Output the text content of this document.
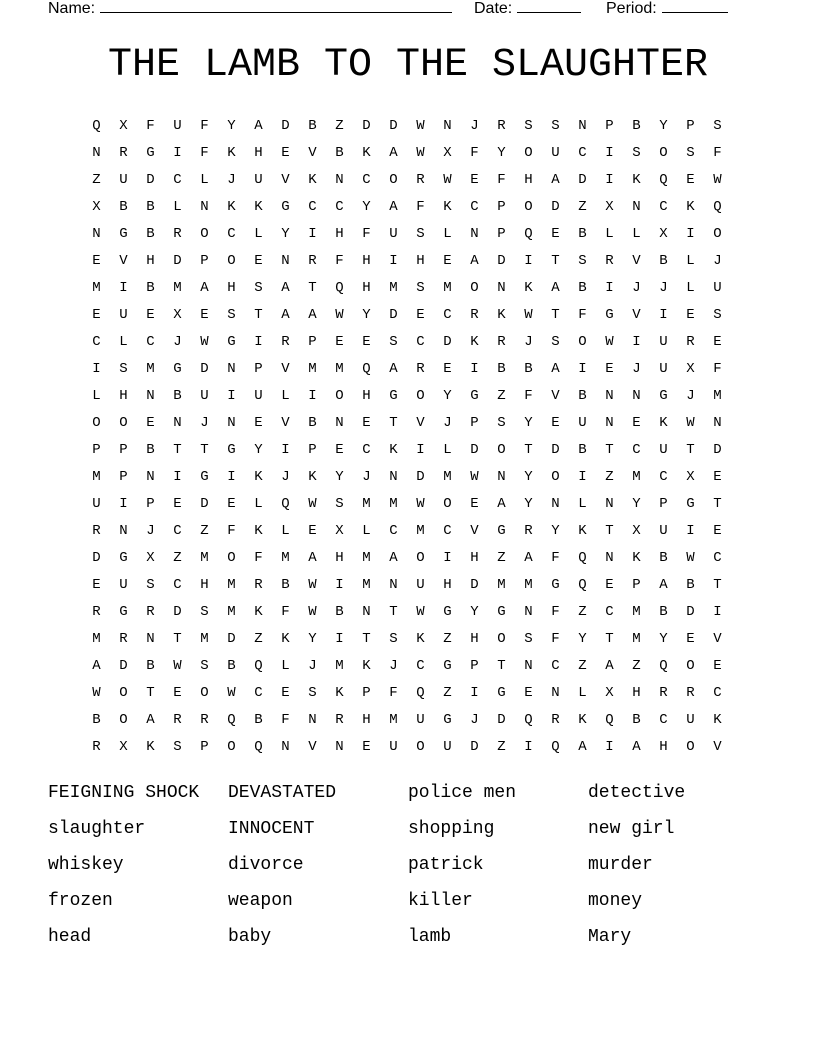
Name:	Date:	Period:
THE LAMB TO THE SLAUGHTER
Q	X	F	U	F	Y	A	D	B	Z	D	D	W	N	J	R	S	S	N	P	B	Y	P	S
N	R	G	I	F	K	H	E	V	B	K	A	W	X	F	Y	O	U	C	I	S	O	S	F
Z	U	D	C	L	J	U	V	K	N	C	O	R	W	E	F	H	A	D	I	K	Q	E	W
X	B	B	L	N	K	K	G	C	C	Y	A	F	K	C	P	O	D	Z	X	N	C	K	Q
N	G	B	R	O	C	L	Y	I	H	F	U	S	L	N	P	Q	E	B	L	L	X	I	O
E	V	H	D	P	O	E	N	R	F	H	I	H	E	A	D	I	T	S	R	V	B	L	J
M	I	B	M	A	H	S	A	T	Q	H	M	S	M	O	N	K	A	B	I	J	J	L	U
E	U	E	X	E	S	T	A	A	W	Y	D	E	C	R	K	W	T	F	G	V	I	E	S
C	L	C	J	W	G	I	R	P	E	E	S	C	D	K	R	J	S	O	W	I	U	R	E
I	S	M	G	D	N	P	V	M	M	Q	A	R	E	I	B	B	A	I	E	J	U	X	F
L	H	N	B	U	I	U	L	I	O	H	G	O	Y	G	Z	F	V	B	N	N	G	J	M
O	O	E	N	J	N	E	V	B	N	E	T	V	J	P	S	Y	E	U	N	E	K	W	N
P	P	B	T	T	G	Y	I	P	E	C	K	I	L	D	O	T	D	B	T	C	U	T	D
M	P	N	I	G	I	K	J	K	Y	J	N	D	M	W	N	Y	O	I	Z	M	C	X	E
U	I	P	E	D	E	L	Q	W	S	M	M	W	O	E	A	Y	N	L	N	Y	P	G	T
R	N	J	C	Z	F	K	L	E	X	L	C	M	C	V	G	R	Y	K	T	X	U	I	E
D	G	X	Z	M	O	F	M	A	H	M	A	O	I	H	Z	A	F	Q	N	K	B	W	C
E	U	S	C	H	M	R	B	W	I	M	N	U	H	D	M	M	G	Q	E	P	A	B	T
R	G	R	D	S	M	K	F	W	B	N	T	W	G	Y	G	N	F	Z	C	M	B	D	I
M	R	N	T	M	D	Z	K	Y	I	T	S	K	Z	H	O	S	F	Y	T	M	Y	E	V
A	D	B	W	S	B	Q	L	J	M	K	J	C	G	P	T	N	C	Z	A	Z	Q	O	E
W	O	T	E	O	W	C	E	S	K	P	F	Q	Z	I	G	E	N	L	X	H	R	R	C
B	O	A	R	R	Q	B	F	N	R	H	M	U	G	J	D	Q	R	K	Q	B	C	U	K
R	X	K	S	P	O	Q	N	V	N	E	U	O	U	D	Z	I	Q	A	I	A	H	O	V
FEIGNING SHOCK	DEVASTATED	police men	detective
slaughter	INNOCENT	shopping	new girl
whiskey	divorce	patrick	murder
frozen	weapon	killer	money
head	baby	lamb	Mary
